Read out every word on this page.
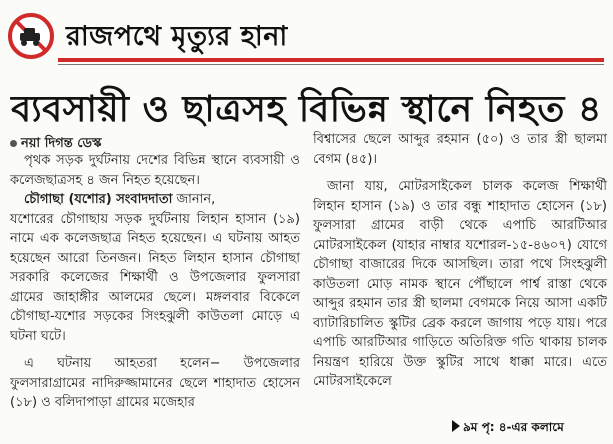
রাজপথে মৃত্যুর হানা
ব্যবসায়ী ও ছাত্রসহ বিভিন্ন স্থানে নিহত ৪
নয়া দিগন্ত ডেস্ক

পৃথক সড়ক দুর্ঘটনায় দেশের বিভিন্ন স্থানে ব্যবসায়ী ও কলেজছাত্রসহ ৪ জন নিহত হয়েছেন।

চৌগাছা (যশোর) সংবাদদাতা জানান,

যশোরের চৌগাছায় সড়ক দুর্ঘটনায় লিহান হাসান (১৯) নামে এক কলেজছাত্র নিহত হয়েছেন। এ ঘটনায় আহত হয়েছেন আরো তিনজন। নিহত লিহান হাসান চৌগাছা সরকারি কলেজের শিক্ষার্থী ও উপজেলার ফুলসারা গ্রামের জাহাঙ্গীর আলমের ছেলে। মঙ্গলবার বিকেলে চৌগাছা-যশোর সড়কের সিংহঝুলী কাউতলা মোড়ে এ ঘটনা ঘটে।

এ ঘটনায় আহতরা হলেন− উপজেলার ফুলসারাগ্রামের নাদিরুজ্জামানের ছেলে শাহাদাত হোসেন (১৮) ও বলিদাপাড়া গ্রামের মজেহার

বিশ্বাসের ছেলে আব্দুর রহমান (৫০) ও তার স্ত্রী ছালমা বেগম (৪৫)।

জানা যায়, মোটরসাইকেল চালক কলেজ শিক্ষার্থী লিহান হাসান (১৯) ও তার বন্ধু শাহাদাত হোসেন (১৮) ফুলসারা গ্রামের বাড়ী থেকে এপাচি আরটিআর মোটরসাইকেল (যাহার নাম্বার যশোরল-১৫-৪৬০৭) যোগে চৌগাছা বাজারের দিকে আসছিল। তারা পথে সিংহঝুলী কাউতলা মোড় নামক স্থানে পৌঁছালে পার্শ্ব রাস্তা থেকে আব্দুর রহমান তার স্ত্রী ছালমা বেগমকে নিয়ে আসা একটি ব্যাটারিচালিত স্কুটির ব্রেক করলে জাগায় পড়ে যায়। পরে এপাচি আরটিআর গাড়িতে অতিরিক্ত গতি থাকায় চালক নিয়ন্ত্রণ হারিয়ে উক্ত স্কুটির সাথে ধাক্কা মারে। এতে মোটরসাইকেলে

৯ম পৃ: ৪-এর কলামে
